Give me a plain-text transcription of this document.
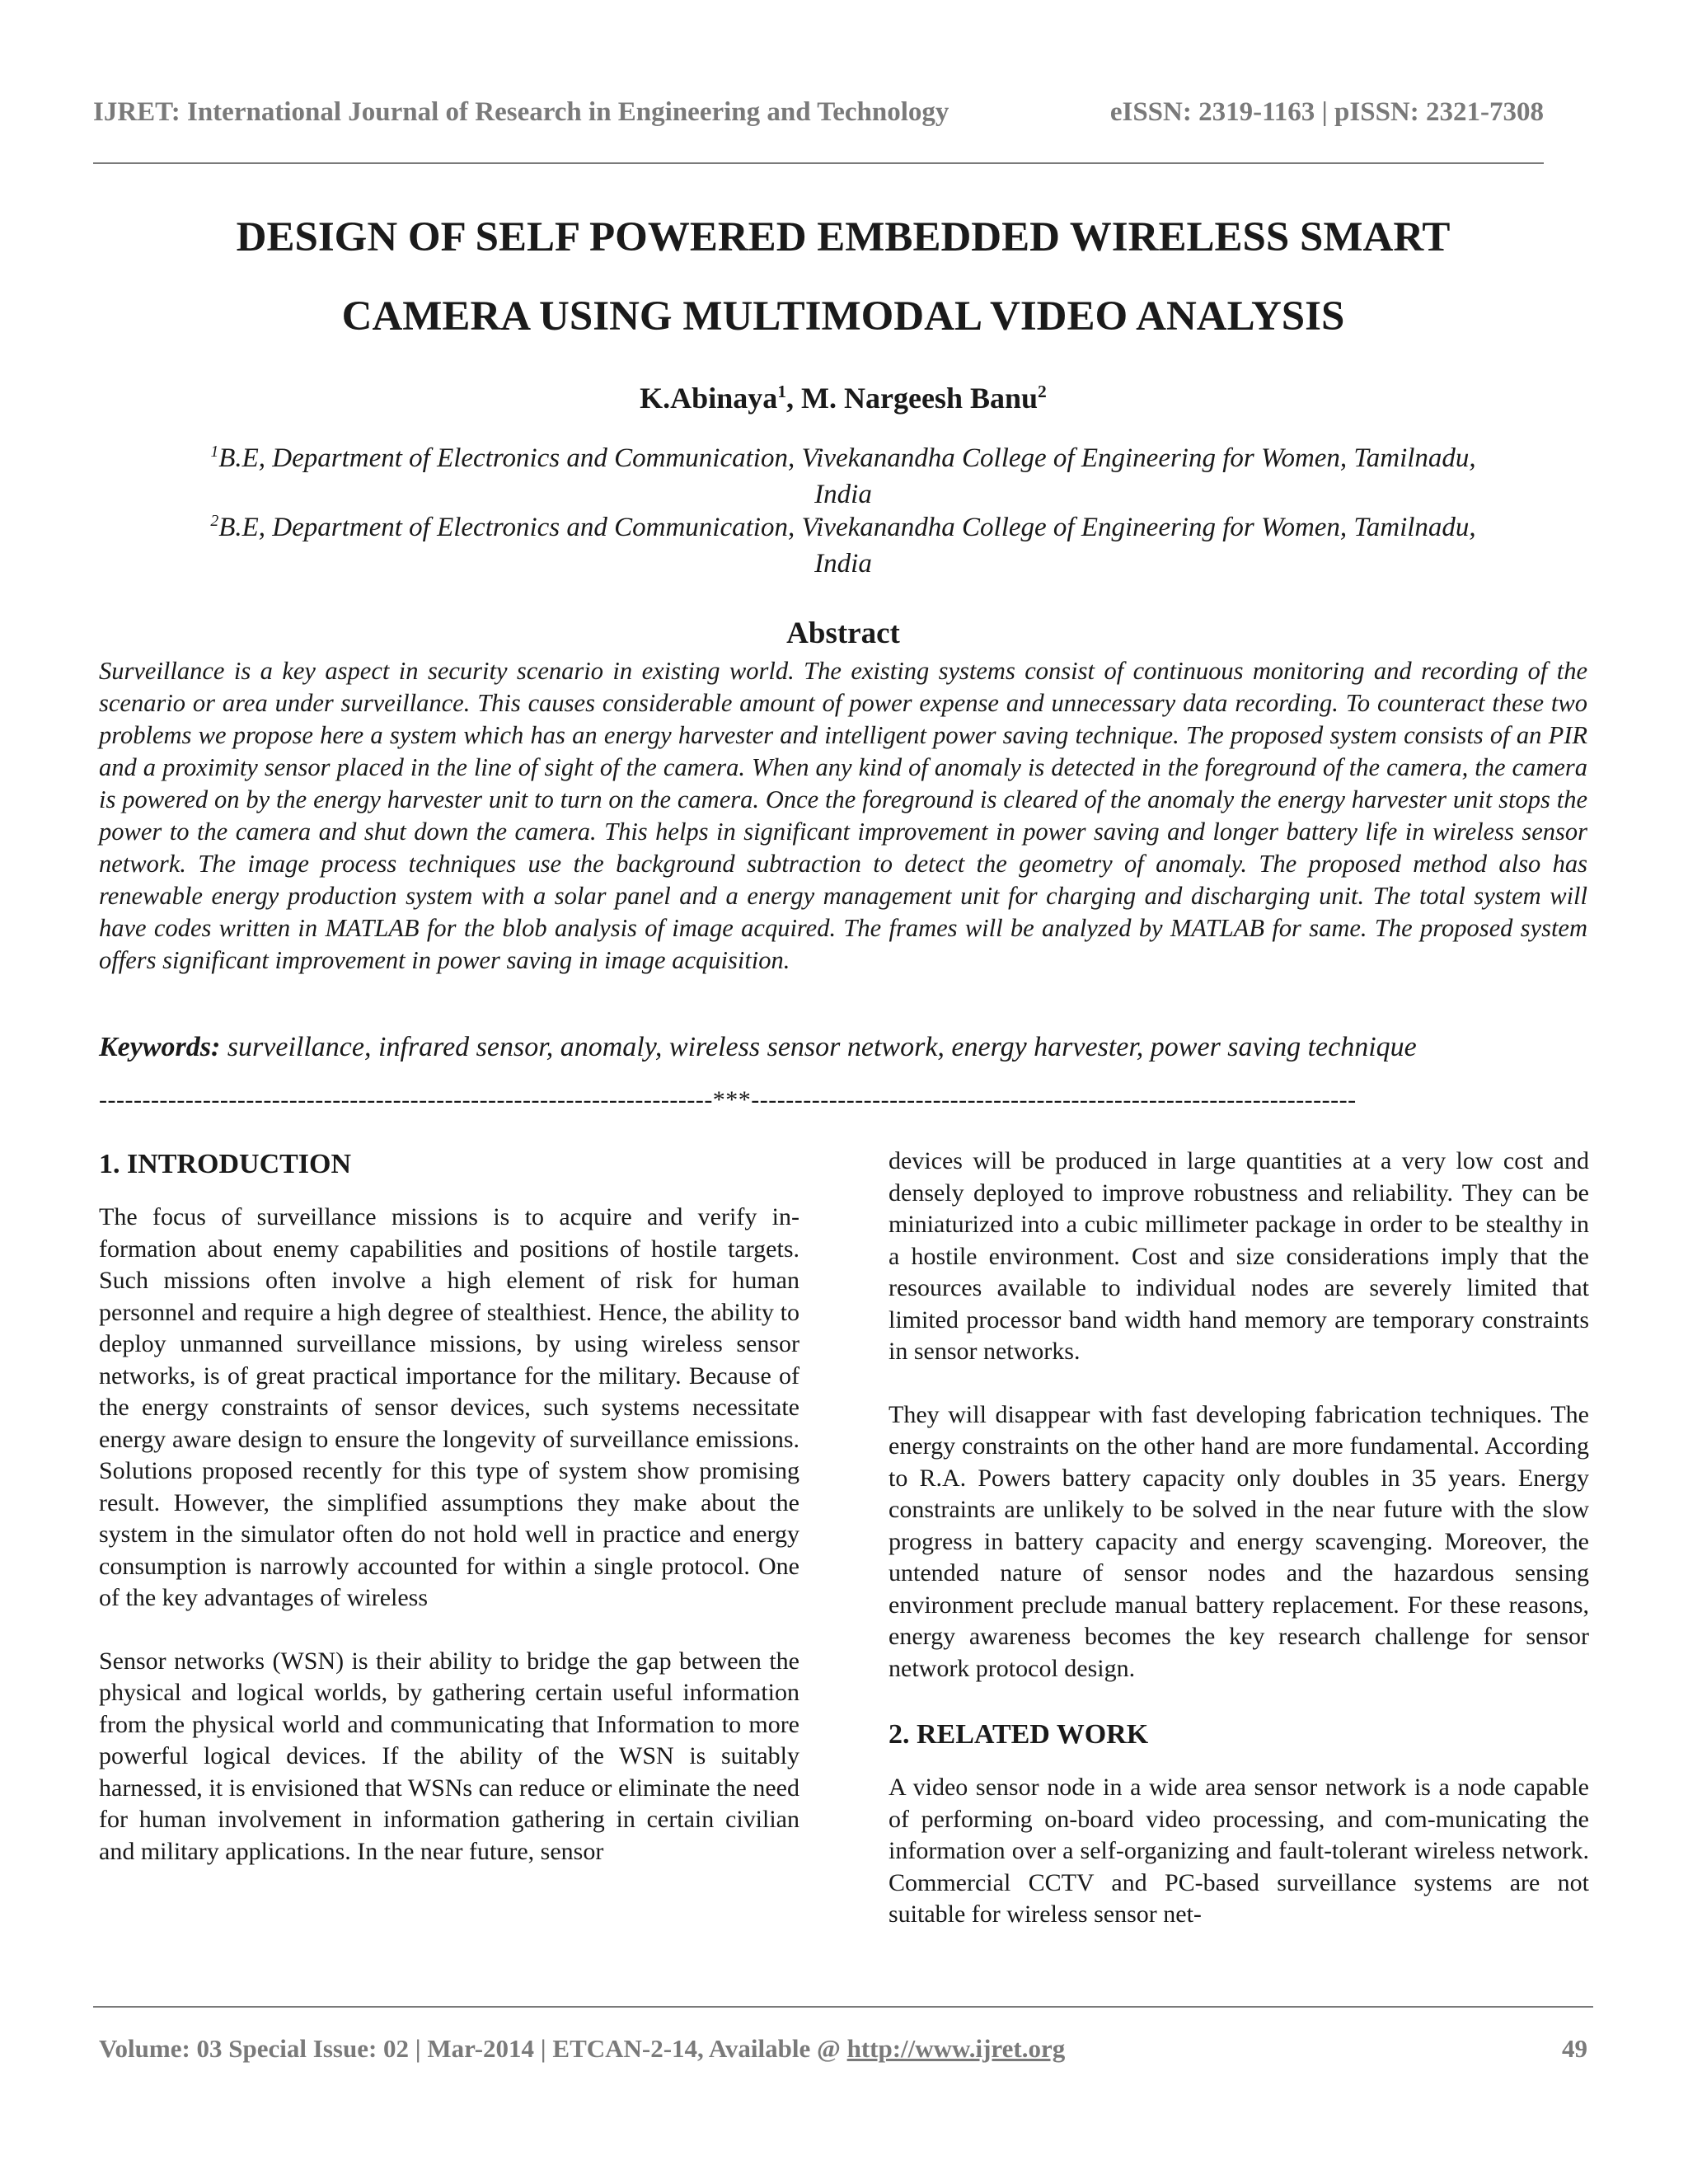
IJRET: International Journal of Research in Engineering and Technology	eISSN: 2319-1163 | pISSN: 2321-7308
DESIGN OF SELF POWERED EMBEDDED WIRELESS SMART
CAMERA USING MULTIMODAL VIDEO ANALYSIS
K.Abinaya$^1$, M. Nargeesh Banu$^2$
$^1$B.E, Department of Electronics and Communication, Vivekanandha College of Engineering for Women, Tamilnadu,
India
$^2$B.E, Department of Electronics and Communication, Vivekanandha College of Engineering for Women, Tamilnadu,
India
Abstract

Surveillance is a key aspect in security scenario in existing world. The existing systems consist of continuous monitoring and recording of the scenario or area under surveillance. This causes considerable amount of power expense and unnecessary data recording. To counteract these two problems we propose here a system which has an energy harvester and intelligent power saving technique. The proposed system consists of an PIR and a proximity sensor placed in the line of sight of the camera. When any kind of anomaly is detected in the foreground of the camera, the camera is powered on by the energy harvester unit to turn on the camera. Once the foreground is cleared of the anomaly the energy harvester unit stops the power to the camera and shut down the camera. This helps in significant improvement in power saving and longer battery life in wireless sensor network. The image process techniques use the background subtraction to detect the geometry of anomaly. The proposed method also has renewable energy production system with a solar panel and a energy management unit for charging and discharging unit. The total system will have codes written in MATLAB for the blob analysis of image acquired. The frames will be analyzed by MATLAB for same. The proposed system offers significant improvement in power saving in image acquisition.

Keywords: surveillance, infrared sensor, anomaly, wireless sensor network, energy harvester, power saving technique

-----------------------------------------------------------------------***----------------------------------------------------------------------
1. INTRODUCTION

The focus of surveillance missions is to acquire and verify in-formation about enemy capabilities and positions of hostile targets. Such missions often involve a high element of risk for human personnel and require a high degree of stealthiest. Hence, the ability to deploy unmanned surveillance missions, by using wireless sensor networks, is of great practical importance for the military. Because of the energy constraints of sensor devices, such systems necessitate energy aware design to ensure the longevity of surveillance emissions. Solutions proposed recently for this type of system show promising result. However, the simplified assumptions they make about the system in the simulator often do not hold well in practice and energy consumption is narrowly accounted for within a single protocol. One of the key advantages of wireless

Sensor networks (WSN) is their ability to bridge the gap between the physical and logical worlds, by gathering certain useful information from the physical world and communicating that Information to more powerful logical devices. If the ability of the WSN is suitably harnessed, it is envisioned that WSNs can reduce or eliminate the need for human involvement in information gathering in certain civilian and military applications. In the near future, sensor

devices will be produced in large quantities at a very low cost and densely deployed to improve robustness and reliability. They can be miniaturized into a cubic millimeter package in order to be stealthy in a hostile environment. Cost and size considerations imply that the resources available to individual nodes are severely limited that limited processor band width hand memory are temporary constraints in sensor networks.

They will disappear with fast developing fabrication techniques. The energy constraints on the other hand are more fundamental. According to R.A. Powers battery capacity only doubles in 35 years. Energy constraints are unlikely to be solved in the near future with the slow progress in battery capacity and energy scavenging. Moreover, the untended nature of sensor nodes and the hazardous sensing environment preclude manual battery replacement. For these reasons, energy awareness becomes the key research challenge for sensor network protocol design.

2. RELATED WORK

A video sensor node in a wide area sensor network is a node capable of performing on-board video processing, and com-municating the information over a self-organizing and fault-tolerant wireless network. Commercial CCTV and PC-based surveillance systems are not suitable for wireless sensor net-

Volume: 03 Special Issue: 02 | Mar-2014 | ETCAN-2-14, Available @ http://www.ijret.org	49
